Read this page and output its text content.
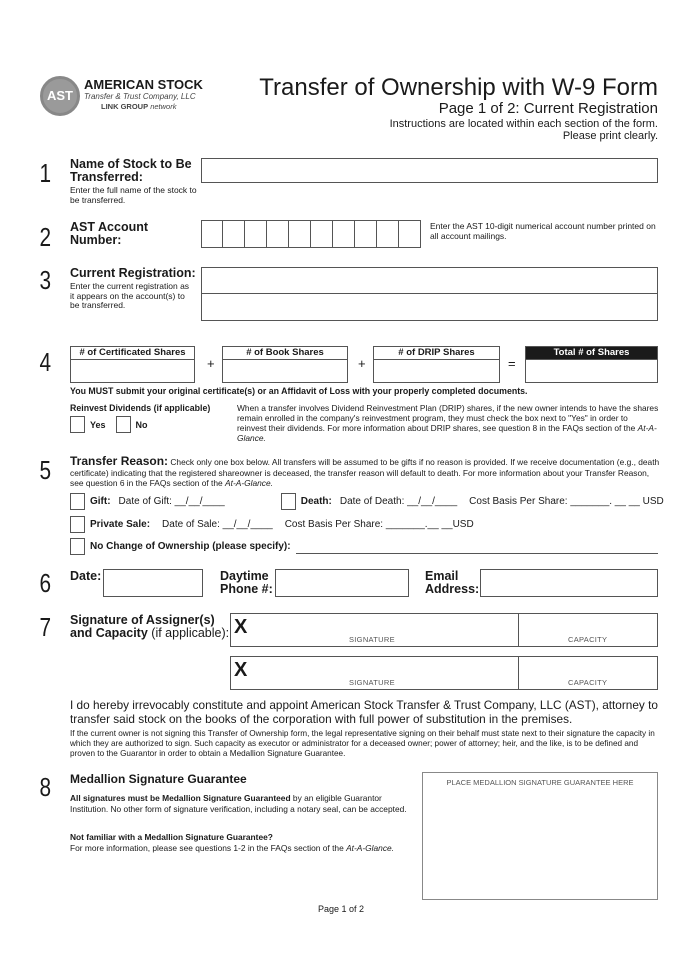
AST
AMERICAN STOCK
Transfer & Trust Company, LLC
LINK GROUP network
Transfer of Ownership with W-9 Form
Page 1 of 2: Current Registration
Instructions are located within each section of the form.
Please print clearly.
1 Name of Stock to Be Transferred:
Enter the full name of the stock to be transferred.
2 AST Account Number:
Enter the AST 10-digit numerical account number printed on all account mailings.
3 Current Registration:
Enter the current registration as it appears on the account(s) to be transferred.
4	# of Certificated Shares
+
# of Book Shares
+
# of DRIP Shares
=
Total # of Shares
You MUST submit your original certificate(s) or an Affidavit of Loss with your properly completed documents.
Reinvest Dividends (if applicable)
Yes	No
When a transfer involves Dividend Reinvestment Plan (DRIP) shares, if the new owner intends to have the shares remain enrolled in the company's reinvestment program, they must check the box next to "Yes" in order to reinvest their dividends. For more information about DRIP shares, see question 8 in the FAQs section of the At-A-Glance.
5 Transfer Reason: Check only one box below. All transfers will be assumed to be gifts if no reason is provided. If we receive documentation (e.g., death certificate) indicating that the registered shareowner is deceased, the transfer reason will default to death. For more information about your Transfer Reason, see question 6 in the FAQs section of the At-A-Glance.
Gift: Date of Gift: __/__/____	Death: Date of Death: __/__/____ Cost Basis Per Share: _______. __ __ USD
Private Sale: Date of Sale: __/__/____ Cost Basis Per Share: _______.__ __USD
No Change of Ownership (please specify):
6 Date:	Daytime Phone #:
Email Address:
7 Signature of Assigner(s)
and Capacity (if applicable): X
SIGNATURE	CAPACITY
X
SIGNATURE	CAPACITY
I do hereby irrevocably constitute and appoint American Stock Transfer & Trust Company, LLC (AST), attorney to transfer said stock on the books of the corporation with full power of substitution in the premises.
If the current owner is not signing this Transfer of Ownership form, the legal representative signing on their behalf must state next to their signature the capacity in which they are authorized to sign. Such capacity as executor or administrator for a deceased owner; power of attorney; heir, and the like, is to be defined and proven to the Guarantor in order to obtain a Medallion Signature Guarantee.
8 Medallion Signature Guarantee
All signatures must be Medallion Signature Guaranteed by an eligible Guarantor Institution. No other form of signature verification, including a notary seal, can be accepted.
Not familiar with a Medallion Signature Guarantee?
For more information, please see questions 1-2 in the FAQs section of the At-A-Glance.
PLACE MEDALLION SIGNATURE GUARANTEE HERE
Page 1 of 2
